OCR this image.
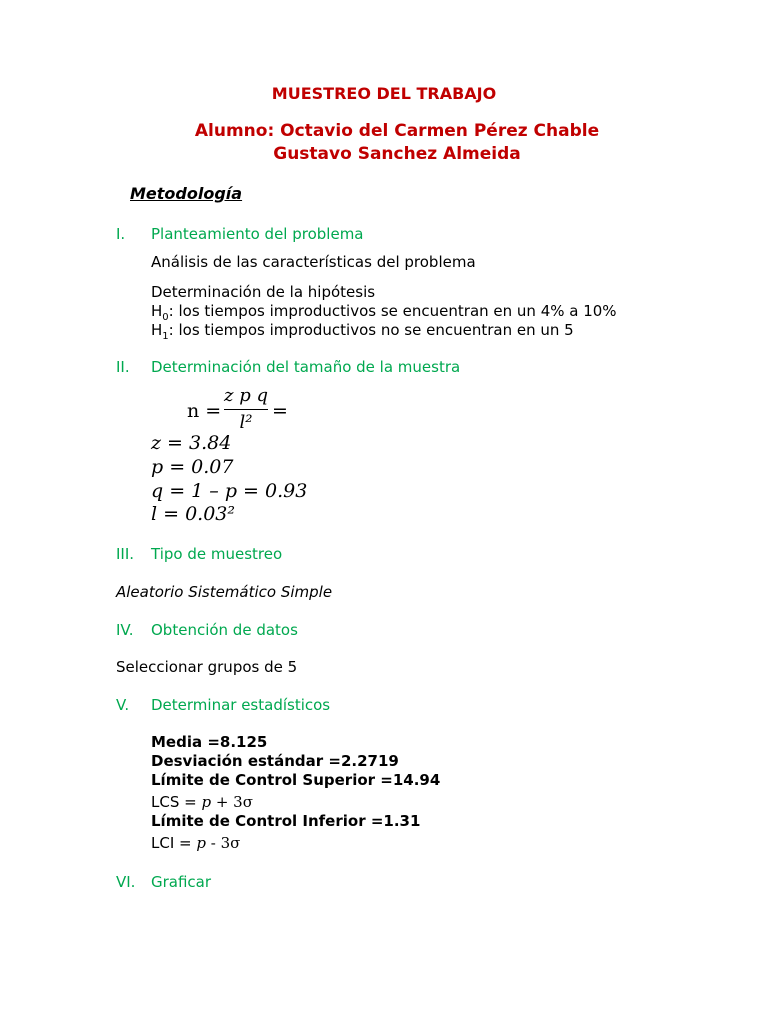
MUESTREO DEL TRABAJO
Alumno: Octavio del Carmen Pérez Chable
Gustavo Sanchez Almeida
Metodología
I. Planteamiento del problema
Análisis de las características del problema
Determinación de la hipótesis
$H_0$: los tiempos improductivos se encuentran en un 4% a 10%
$H_1$: los tiempos improductivos no se encuentran en un 5
II. Determinación del tamaño de la muestra
n =
z p q
l²
=
z = 3.84
p = 0.07
q = 1 – p = 0.93
l = 0.03²
III. Tipo de muestreo
Aleatorio Sistemático Simple
IV. Obtención de datos
Seleccionar grupos de 5
V. Determinar estadísticos
Media =8.125
Desviación estándar =2.2719
Límite de Control Superior =14.94
LCS = p + 3σ
Límite de Control Inferior =1.31
LCI = p - 3σ
VI. Graficar
